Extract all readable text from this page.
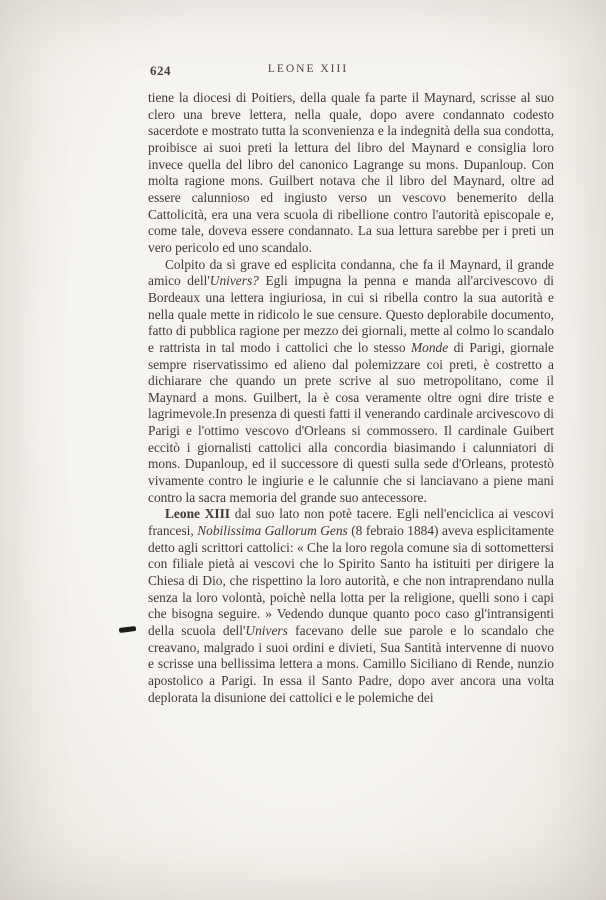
624	LEONE XIII

tiene la diocesi di Poitiers, della quale fa parte il Maynard, scrisse al suo clero una breve lettera, nella quale, dopo avere condannato codesto sacerdote e mostrato tutta la sconvenienza e la indegnità della sua condotta, proibisce ai suoi preti la lettura del libro del Maynard e consiglia loro invece quella del libro del canonico Lagrange su mons. Dupanloup. Con molta ragione mons. Guilbert notava che il libro del Maynard, oltre ad essere calunnioso ed ingiusto verso un vescovo benemerito della Cattolicità, era una vera scuola di ribellione contro l'autorità episcopale e, come tale, doveva essere condannato. La sua lettura sarebbe per i preti un vero pericolo ed uno scandalo.

Colpito da sì grave ed esplicita condanna, che fa il Maynard, il grande amico dell'Univers? Egli impugna la penna e manda all'arcivescovo di Bordeaux una lettera ingiuriosa, in cui si ribella contro la sua autorità e nella quale mette in ridicolo le sue censure. Questo deplorabile documento, fatto di pubblica ragione per mezzo dei giornali, mette al colmo lo scandalo e rattrista in tal modo i cattolici che lo stesso Monde di Parigi, giornale sempre riservatissimo ed alieno dal polemizzare coi preti, è costretto a dichiarare che quando un prete scrive al suo metropolitano, come il Maynard a mons. Guilbert, la è cosa veramente oltre ogni dire triste e lagrimevole.In presenza di questi fatti il venerando cardinale arcivescovo di Parigi e l'ottimo vescovo d'Orleans si commossero. Il cardinale Guibert eccitò i giornalisti cattolici alla concordia biasimando i calunniatori di mons. Dupanloup, ed il successore di questi sulla sede d'Orleans, protestò vivamente contro le ingiurie e le calunnie che si lanciavano a piene mani contro la sacra memoria del grande suo antecessore.

Leone XIII dal suo lato non potè tacere. Egli nell'enciclica ai vescovi francesi, Nobilissima Gallorum Gens (8 febraio 1884) aveva esplicitamente detto agli scrittori cattolici: « Che la loro regola comune sia di sottomettersi con filiale pietà ai vescovi che lo Spirito Santo ha istituiti per dirigere la Chiesa di Dio, che rispettino la loro autorità, e che non intraprendano nulla senza la loro volontà, poichè nella lotta per la religione, quelli sono i capi che bisogna seguire. » Vedendo dunque quanto poco caso gl'intransigenti della scuola dell'Univers facevano delle sue parole e lo scandalo che creavano, malgrado i suoi ordini e divieti, Sua Santità intervenne di nuovo e scrisse una bellissima lettera a mons. Camillo Siciliano di Rende, nunzio apostolico a Parigi. In essa il Santo Padre, dopo aver ancora una volta deplorata la disunione dei cattolici e le polemiche dei
